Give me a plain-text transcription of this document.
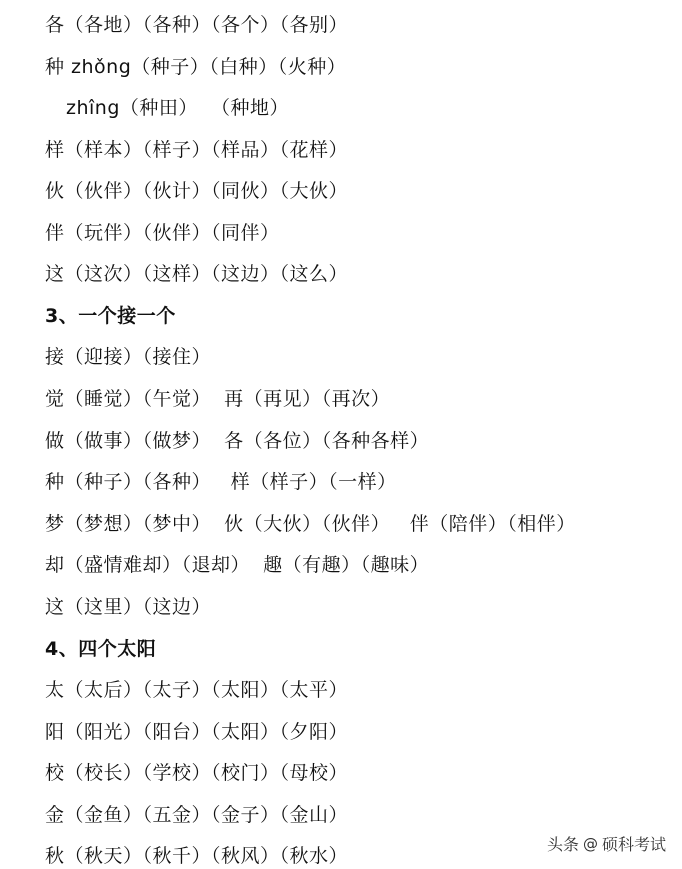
各（各地）（各种）（各个）（各别）
种 zhǒng（种子）（白种）（火种）
zhîng（种田）  （种地）
样（样本）（样子）（样品）（花样）
伙（伙伴）（伙计）（同伙）（大伙）
伴（玩伴）（伙伴）（同伴）
这（这次）（这样）（这边）（这么）
3、一个接一个
接（迎接）（接住）
觉（睡觉）（午觉）  再（再见）（再次）
做（做事）（做梦）  各（各位）（各种各样）
种（种子）（各种）   样（样子）（一样）
梦（梦想）（梦中）  伙（大伙）（伙伴）   伴（陪伴）（相伴）
却（盛情难却）（退却）  趣（有趣）（趣味）
这（这里）（这边）
4、四个太阳
太（太后）（太子）（太阳）（太平）
阳（阳光）（阳台）（太阳）（夕阳）
校（校长）（学校）（校门）（母校）
金（金鱼）（五金）（金子）（金山）
秋（秋天）（秋千）（秋风）（秋水）
头条 @ 硕科考试
